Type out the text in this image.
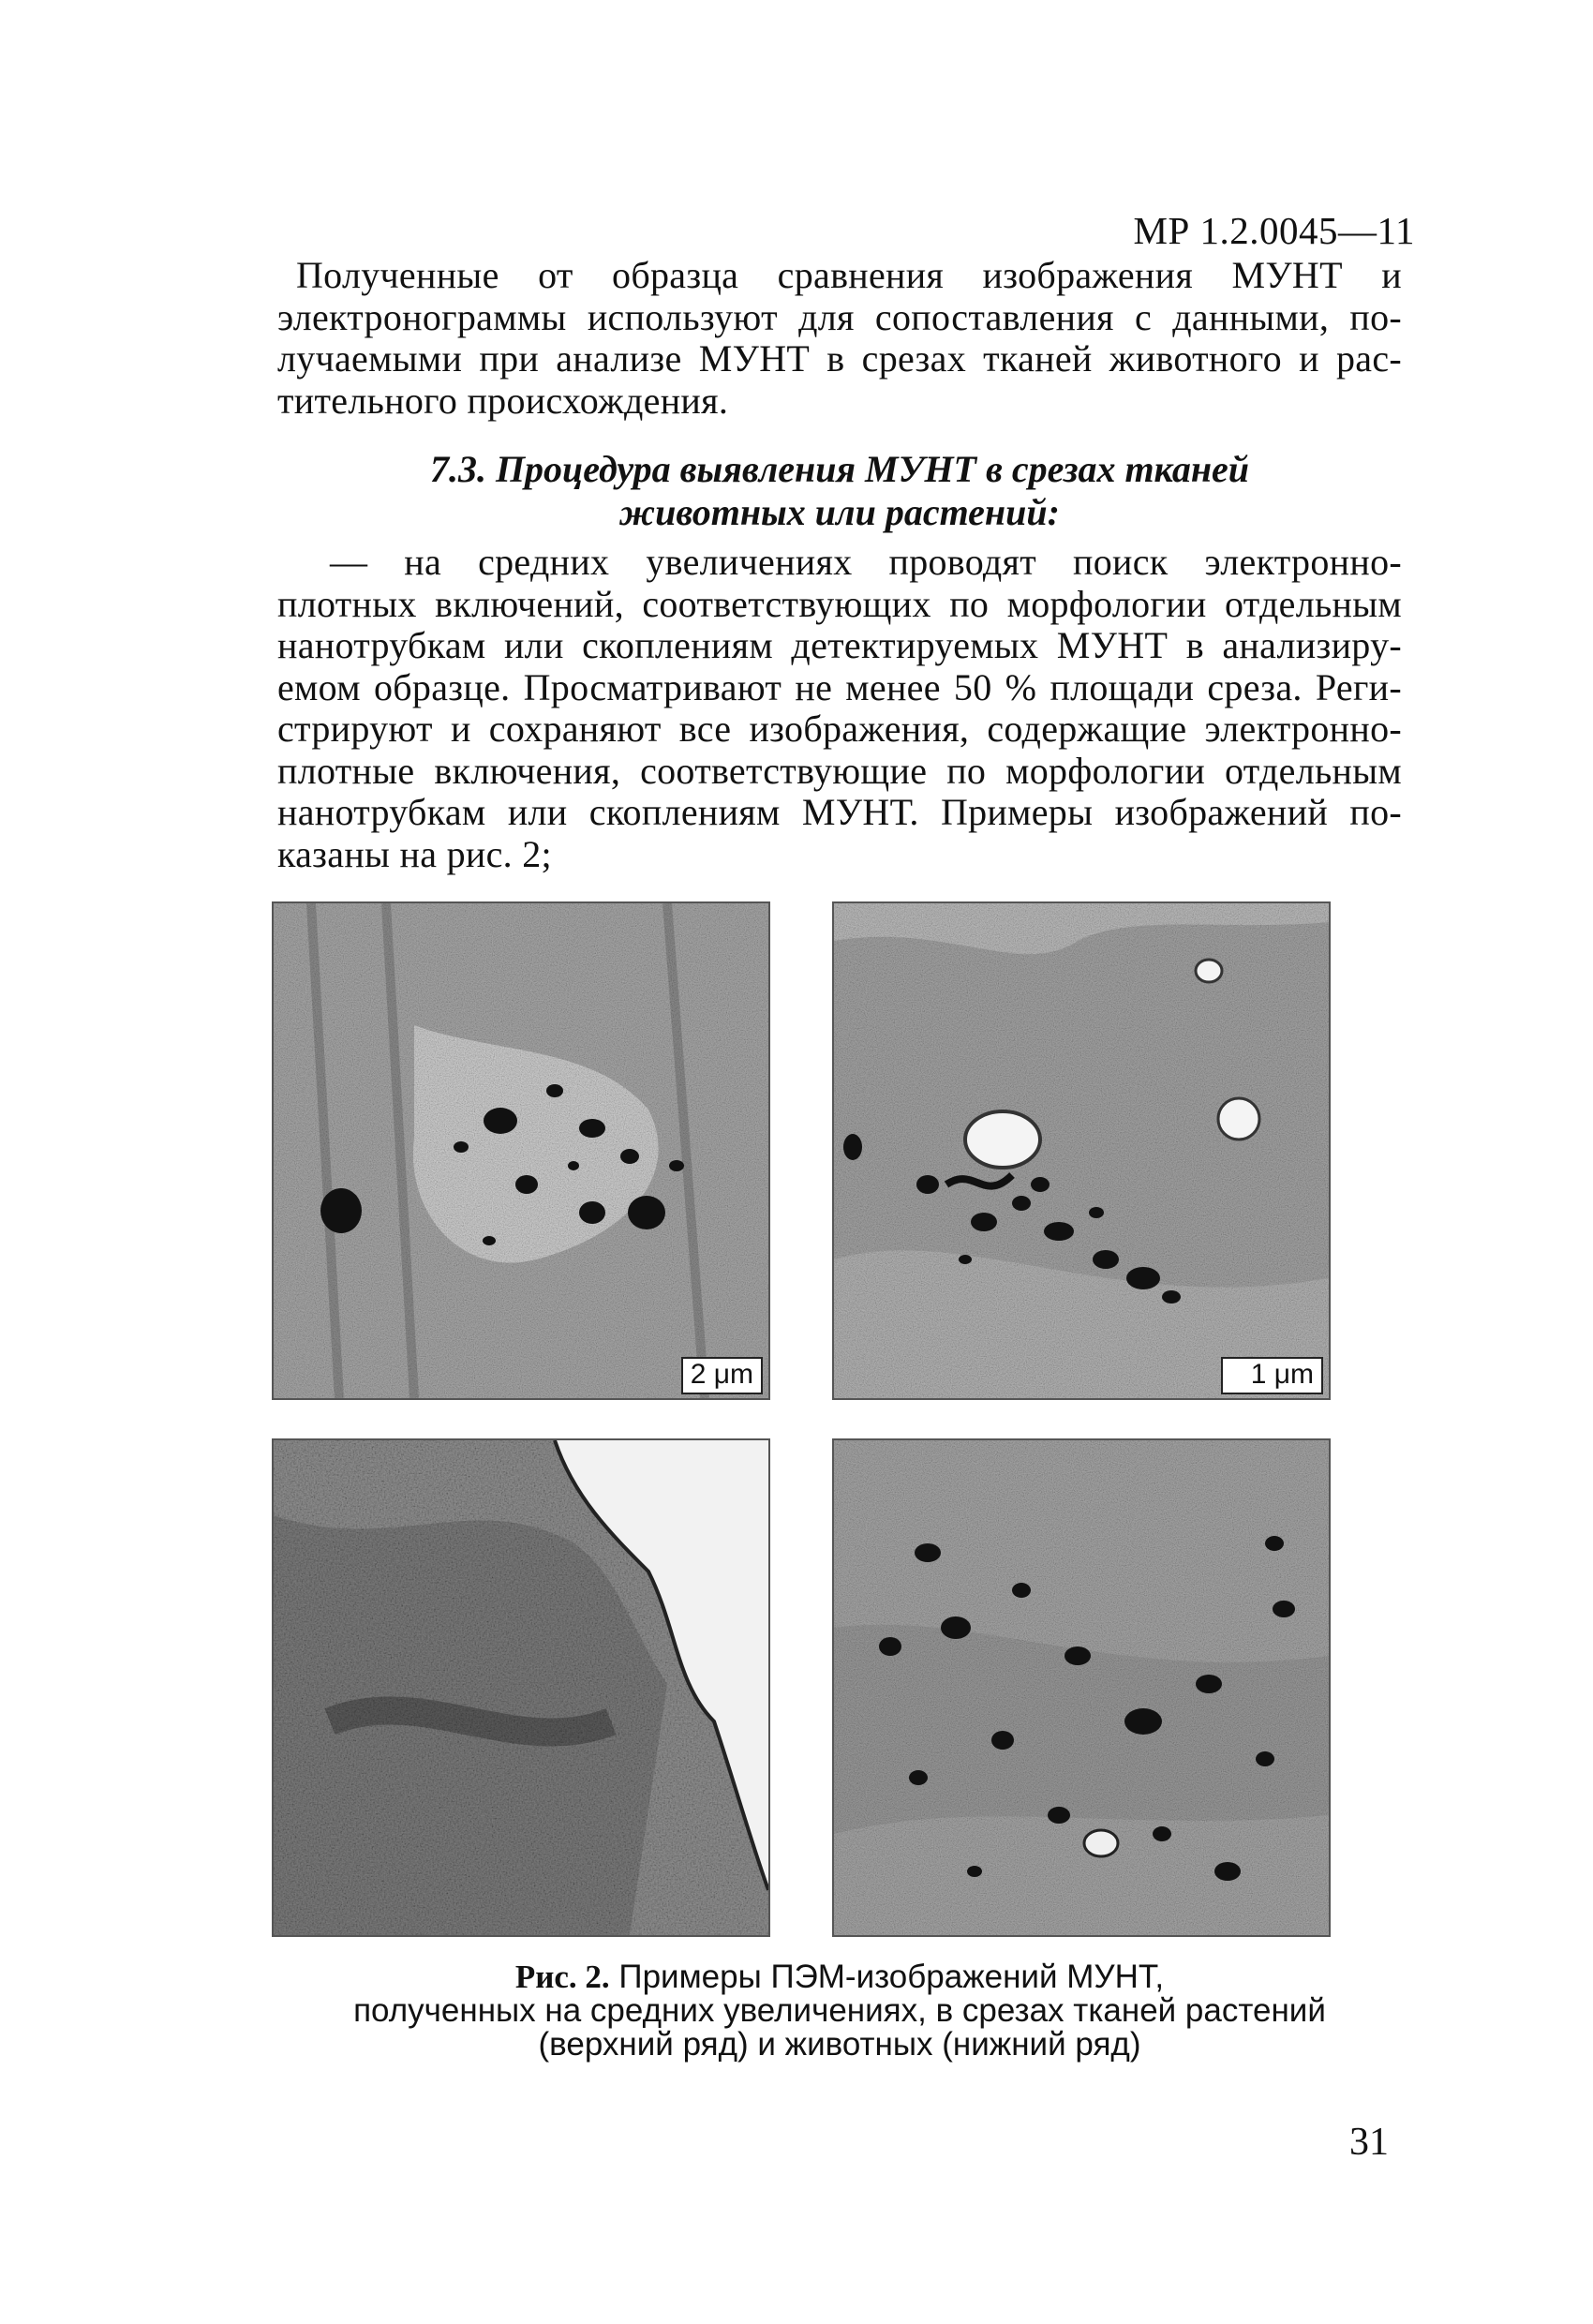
МР 1.2.0045—11
Полученные от образца сравнения изображения МУНТ и
электронограммы используют для сопоставления с данными, по-
лучаемыми при анализе МУНТ в срезах тканей животного и рас-
тительного происхождения.
7.3. Процедура выявления МУНТ в срезах тканей
животных или растений:
— на средних увеличениях проводят поиск электронно-
плотных включений, соответствующих по морфологии отдельным
нанотрубкам или скоплениям детектируемых МУНТ в анализиру-
емом образце. Просматривают не менее 50 % площади среза. Реги-
стрируют и сохраняют все изображения, содержащие электронно-
плотные включения, соответствующие по морфологии отдельным
нанотрубкам или скоплениям МУНТ. Примеры изображений по-
казаны на рис. 2;
2 μm	1 μm
Рис. 2. Примеры ПЭМ-изображений МУНТ,
полученных на средних увеличениях, в срезах тканей растений
(верхний ряд) и животных (нижний ряд)
31
